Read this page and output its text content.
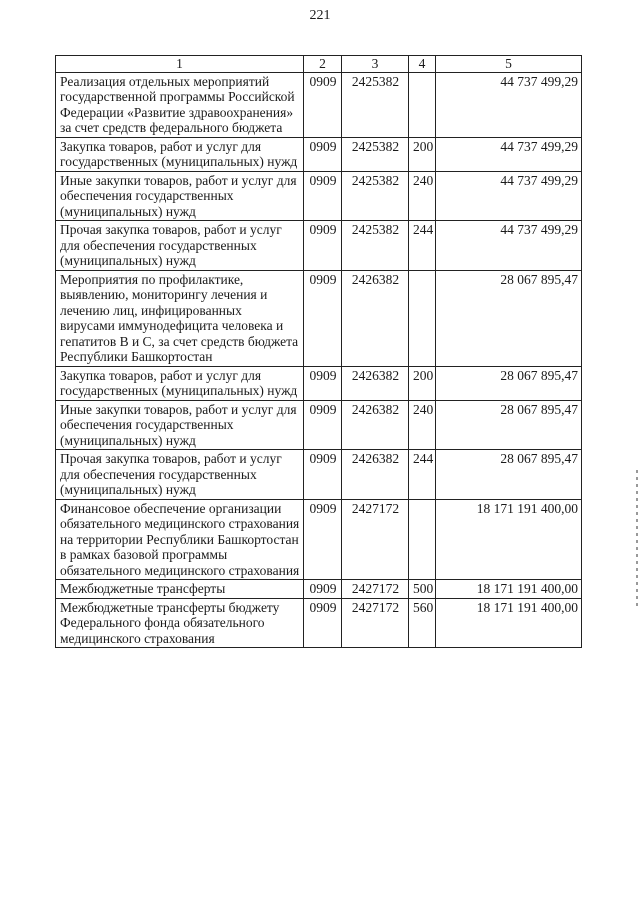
221
1	2	3	4	5
Реализация отдельных мероприятий государственной программы Российской Федерации «Развитие здравоохранения» за счет средств федерального бюджета	0909	2425382		44 737 499,29
Закупка товаров, работ и услуг для государственных (муниципальных) нужд	0909	2425382	200	44 737 499,29
Иные закупки товаров, работ и услуг для обеспечения государственных (муниципальных) нужд	0909	2425382	240	44 737 499,29
Прочая закупка товаров, работ и услуг для обеспечения государственных (муниципальных) нужд	0909	2425382	244	44 737 499,29
Мероприятия по профилактике, выявлению, мониторингу лечения и лечению лиц, инфицированных вирусами иммунодефицита человека и гепатитов B и C, за счет средств бюджета Республики Башкортостан	0909	2426382		28 067 895,47
Закупка товаров, работ и услуг для государственных (муниципальных) нужд	0909	2426382	200	28 067 895,47
Иные закупки товаров, работ и услуг для обеспечения государственных (муниципальных) нужд	0909	2426382	240	28 067 895,47
Прочая закупка товаров, работ и услуг для обеспечения государственных (муниципальных) нужд	0909	2426382	244	28 067 895,47
Финансовое обеспечение организации обязательного медицинского страхования на территории Республики Башкортостан в рамках базовой программы обязательного медицинского страхования	0909	2427172		18 171 191 400,00
Межбюджетные трансферты	0909	2427172	500	18 171 191 400,00
Межбюджетные трансферты бюджету Федерального фонда обязательного медицинского страхования	0909	2427172	560	18 171 191 400,00
